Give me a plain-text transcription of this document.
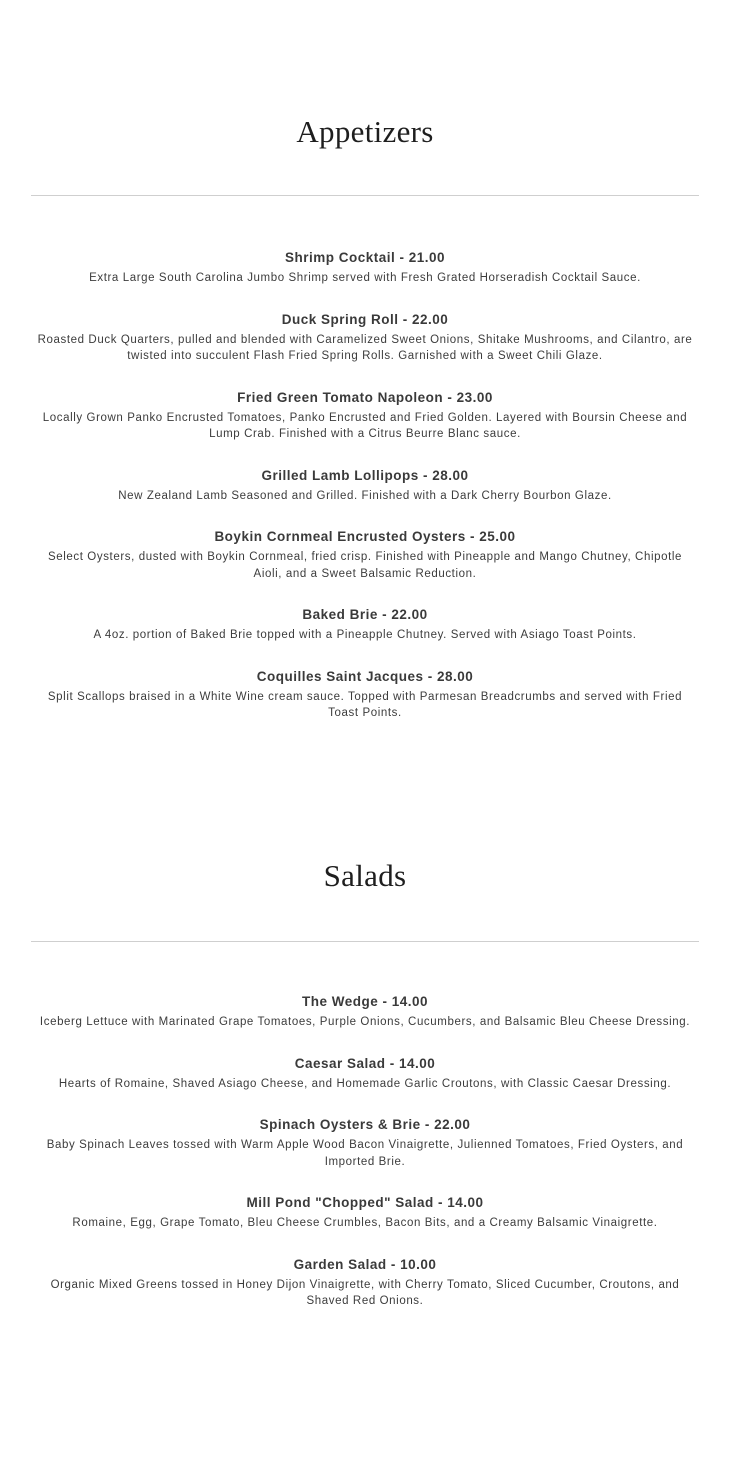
Appetizers

Shrimp Cocktail - 21.00

Extra Large South Carolina Jumbo Shrimp served with Fresh Grated Horseradish Cocktail Sauce.

Duck Spring Roll - 22.00

Roasted Duck Quarters, pulled and blended with Caramelized Sweet Onions, Shitake Mushrooms, and Cilantro, are twisted into succulent Flash Fried Spring Rolls. Garnished with a Sweet Chili Glaze.

Fried Green Tomato Napoleon - 23.00

Locally Grown Panko Encrusted Tomatoes, Panko Encrusted and Fried Golden. Layered with Boursin Cheese and Lump Crab. Finished with a Citrus Beurre Blanc sauce.

Grilled Lamb Lollipops - 28.00

New Zealand Lamb Seasoned and Grilled. Finished with a Dark Cherry Bourbon Glaze.

Boykin Cornmeal Encrusted Oysters - 25.00

Select Oysters, dusted with Boykin Cornmeal, fried crisp. Finished with Pineapple and Mango Chutney, Chipotle Aioli, and a Sweet Balsamic Reduction.

Baked Brie - 22.00

A 4oz. portion of Baked Brie topped with a Pineapple Chutney. Served with Asiago Toast Points.

Coquilles Saint Jacques - 28.00

Split Scallops braised in a White Wine cream sauce. Topped with Parmesan Breadcrumbs and served with Fried Toast Points.

Salads

The Wedge - 14.00

Iceberg Lettuce with Marinated Grape Tomatoes, Purple Onions, Cucumbers, and Balsamic Bleu Cheese Dressing.

Caesar Salad - 14.00

Hearts of Romaine, Shaved Asiago Cheese, and Homemade Garlic Croutons, with Classic Caesar Dressing.

Spinach Oysters & Brie - 22.00

Baby Spinach Leaves tossed with Warm Apple Wood Bacon Vinaigrette, Julienned Tomatoes, Fried Oysters, and Imported Brie.

Mill Pond "Chopped" Salad - 14.00

Romaine, Egg, Grape Tomato, Bleu Cheese Crumbles, Bacon Bits, and a Creamy Balsamic Vinaigrette.

Garden Salad - 10.00

Organic Mixed Greens tossed in Honey Dijon Vinaigrette, with Cherry Tomato, Sliced Cucumber, Croutons, and Shaved Red Onions.
